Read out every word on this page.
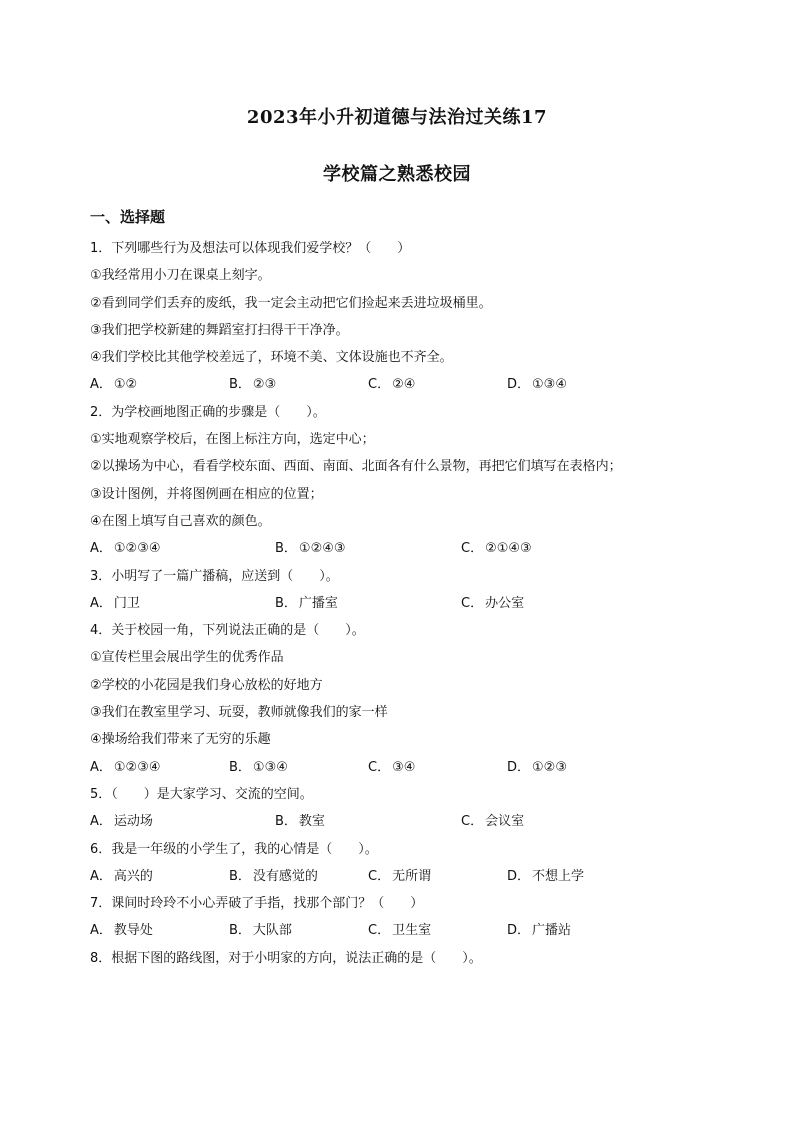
2023年小升初道德与法治过关练17
学校篇之熟悉校园
一、选择题
1．下列哪些行为及想法可以体现我们爱学校？（　　）
①我经常用小刀在课桌上刻字。
②看到同学们丢弃的废纸，我一定会主动把它们捡起来丢进垃圾桶里。
③我们把学校新建的舞蹈室打扫得干干净净。
④我们学校比其他学校差远了，环境不美、文体设施也不齐全。
A． ①②	B． ②③	C． ②④	D． ①③④
2．为学校画地图正确的步骤是（　　）。
①实地观察学校后，在图上标注方向，选定中心；
②以操场为中心，看看学校东面、西面、南面、北面各有什么景物，再把它们填写在表格内；
③设计图例，并将图例画在相应的位置；
④在图上填写自己喜欢的颜色。
A． ①②③④	B． ①②④③	C． ②①④③
3．小明写了一篇广播稿，应送到（　　）。
A． 门卫	B． 广播室	C． 办公室
4．关于校园一角，下列说法正确的是（　　）。
①宣传栏里会展出学生的优秀作品
②学校的小花园是我们身心放松的好地方
③我们在教室里学习、玩耍，教师就像我们的家一样
④操场给我们带来了无穷的乐趣
A． ①②③④	B． ①③④	C． ③④	D． ①②③
5．（　　）是大家学习、交流的空间。
A． 运动场	B． 教室	C． 会议室
6．我是一年级的小学生了，我的心情是（　　）。
A． 高兴的	B． 没有感觉的	C． 无所谓	D． 不想上学
7．课间时玲玲不小心弄破了手指，找那个部门？（　　）
A． 教导处	B． 大队部	C． 卫生室	D． 广播站
8．根据下图的路线图，对于小明家的方向，说法正确的是（　　）。
